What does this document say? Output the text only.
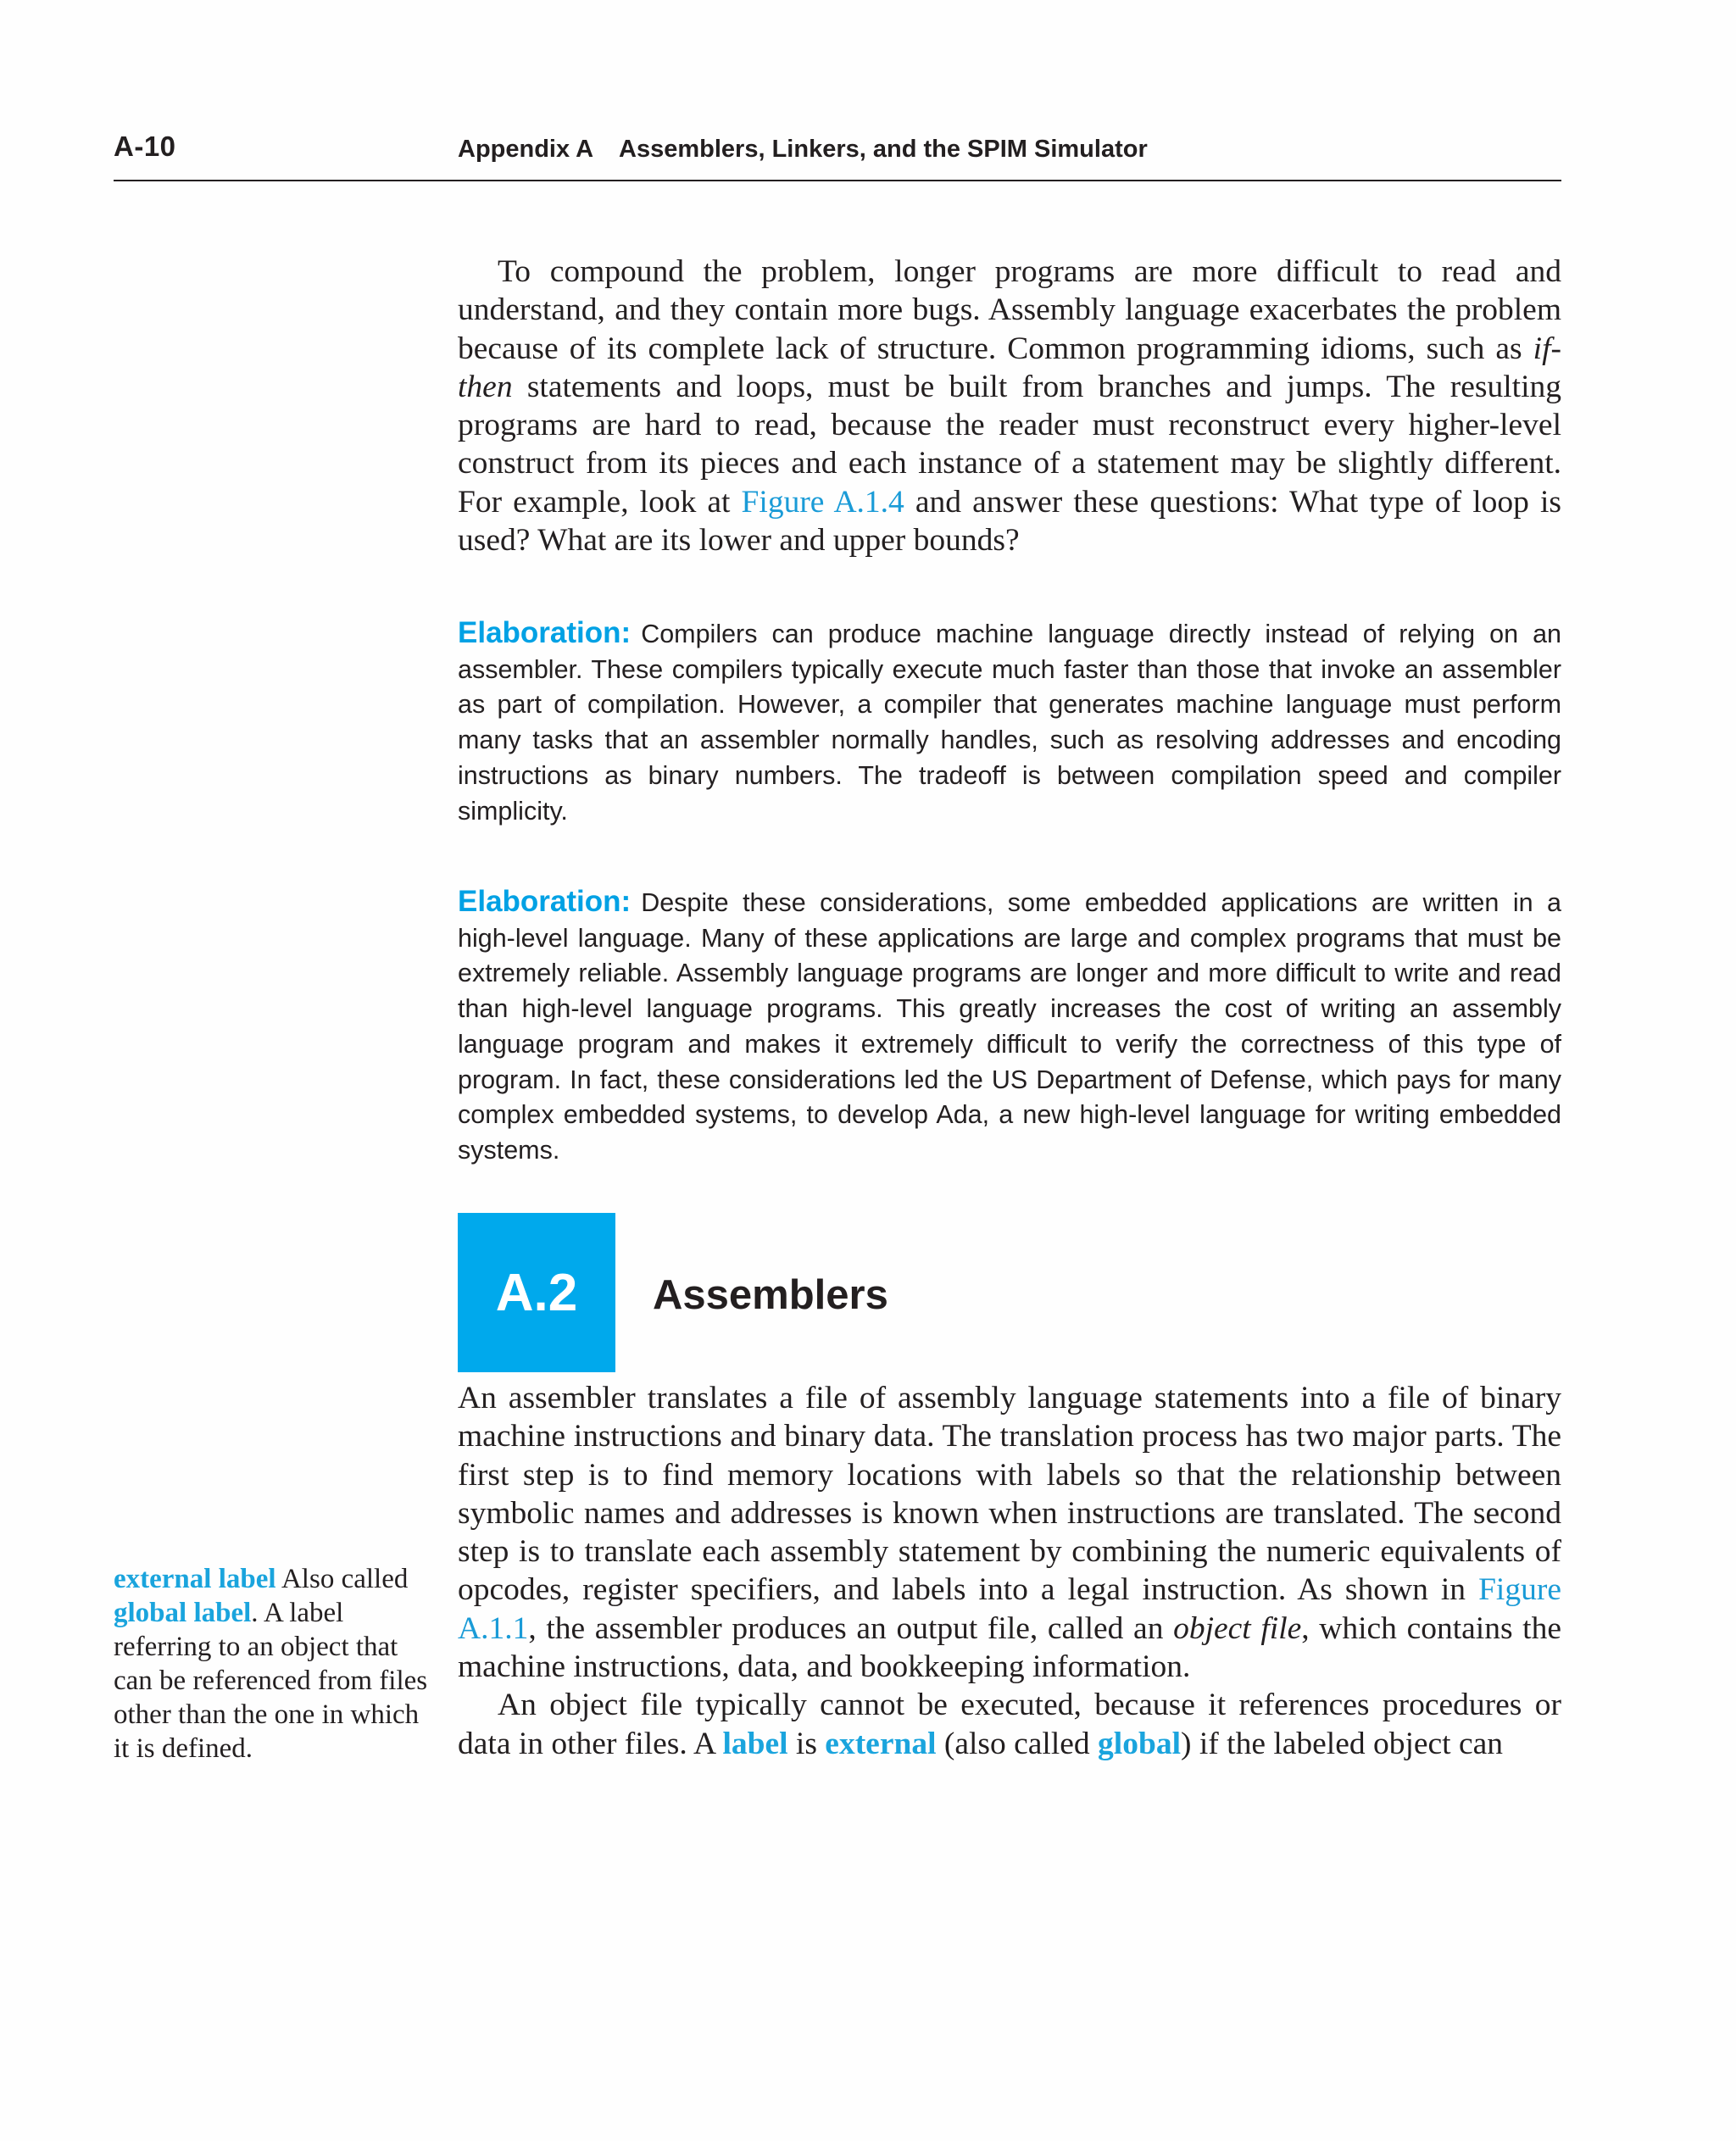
A-10	Appendix A Assemblers, Linkers, and the SPIM Simulator

To compound the problem, longer programs are more difficult to read and understand, and they contain more bugs. Assembly language exacerbates the problem because of its complete lack of structure. Common programming idioms, such as if-then statements and loops, must be built from branches and jumps. The resulting programs are hard to read, because the reader must reconstruct every higher-level construct from its pieces and each instance of a statement may be slightly different. For example, look at Figure A.1.4 and answer these questions: What type of loop is used? What are its lower and upper bounds?

Elaboration: Compilers can produce machine language directly instead of relying on an assembler. These compilers typically execute much faster than those that invoke an assembler as part of compilation. However, a compiler that generates machine language must perform many tasks that an assembler normally handles, such as resolving addresses and encoding instructions as binary numbers. The tradeoff is between compilation speed and compiler simplicity.
Elaboration: Despite these considerations, some embedded applications are written in a high-level language. Many of these applications are large and complex programs that must be extremely reliable. Assembly language programs are longer and more difficult to write and read than high-level language programs. This greatly increases the cost of writing an assembly language program and makes it extremely difficult to verify the correctness of this type of program. In fact, these considerations led the US Department of Defense, which pays for many complex embedded systems, to develop Ada, a new high-level language for writing embedded systems.
A.2 Assemblers

An assembler translates a file of assembly language statements into a file of binary machine instructions and binary data. The translation process has two major parts. The first step is to find memory locations with labels so that the relationship between symbolic names and addresses is known when instructions are translated. The second step is to translate each assembly statement by combining the numeric equivalents of opcodes, register specifiers, and labels into a legal instruction. As shown in Figure A.1.1, the assembler produces an output file, called an object file, which contains the machine instructions, data, and bookkeeping information.

An object file typically cannot be executed, because it references procedures or data in other files. A label is external (also called global) if the labeled object can

external label Also called global label. A label referring to an object that can be referenced from files other than the one in which it is defined.
